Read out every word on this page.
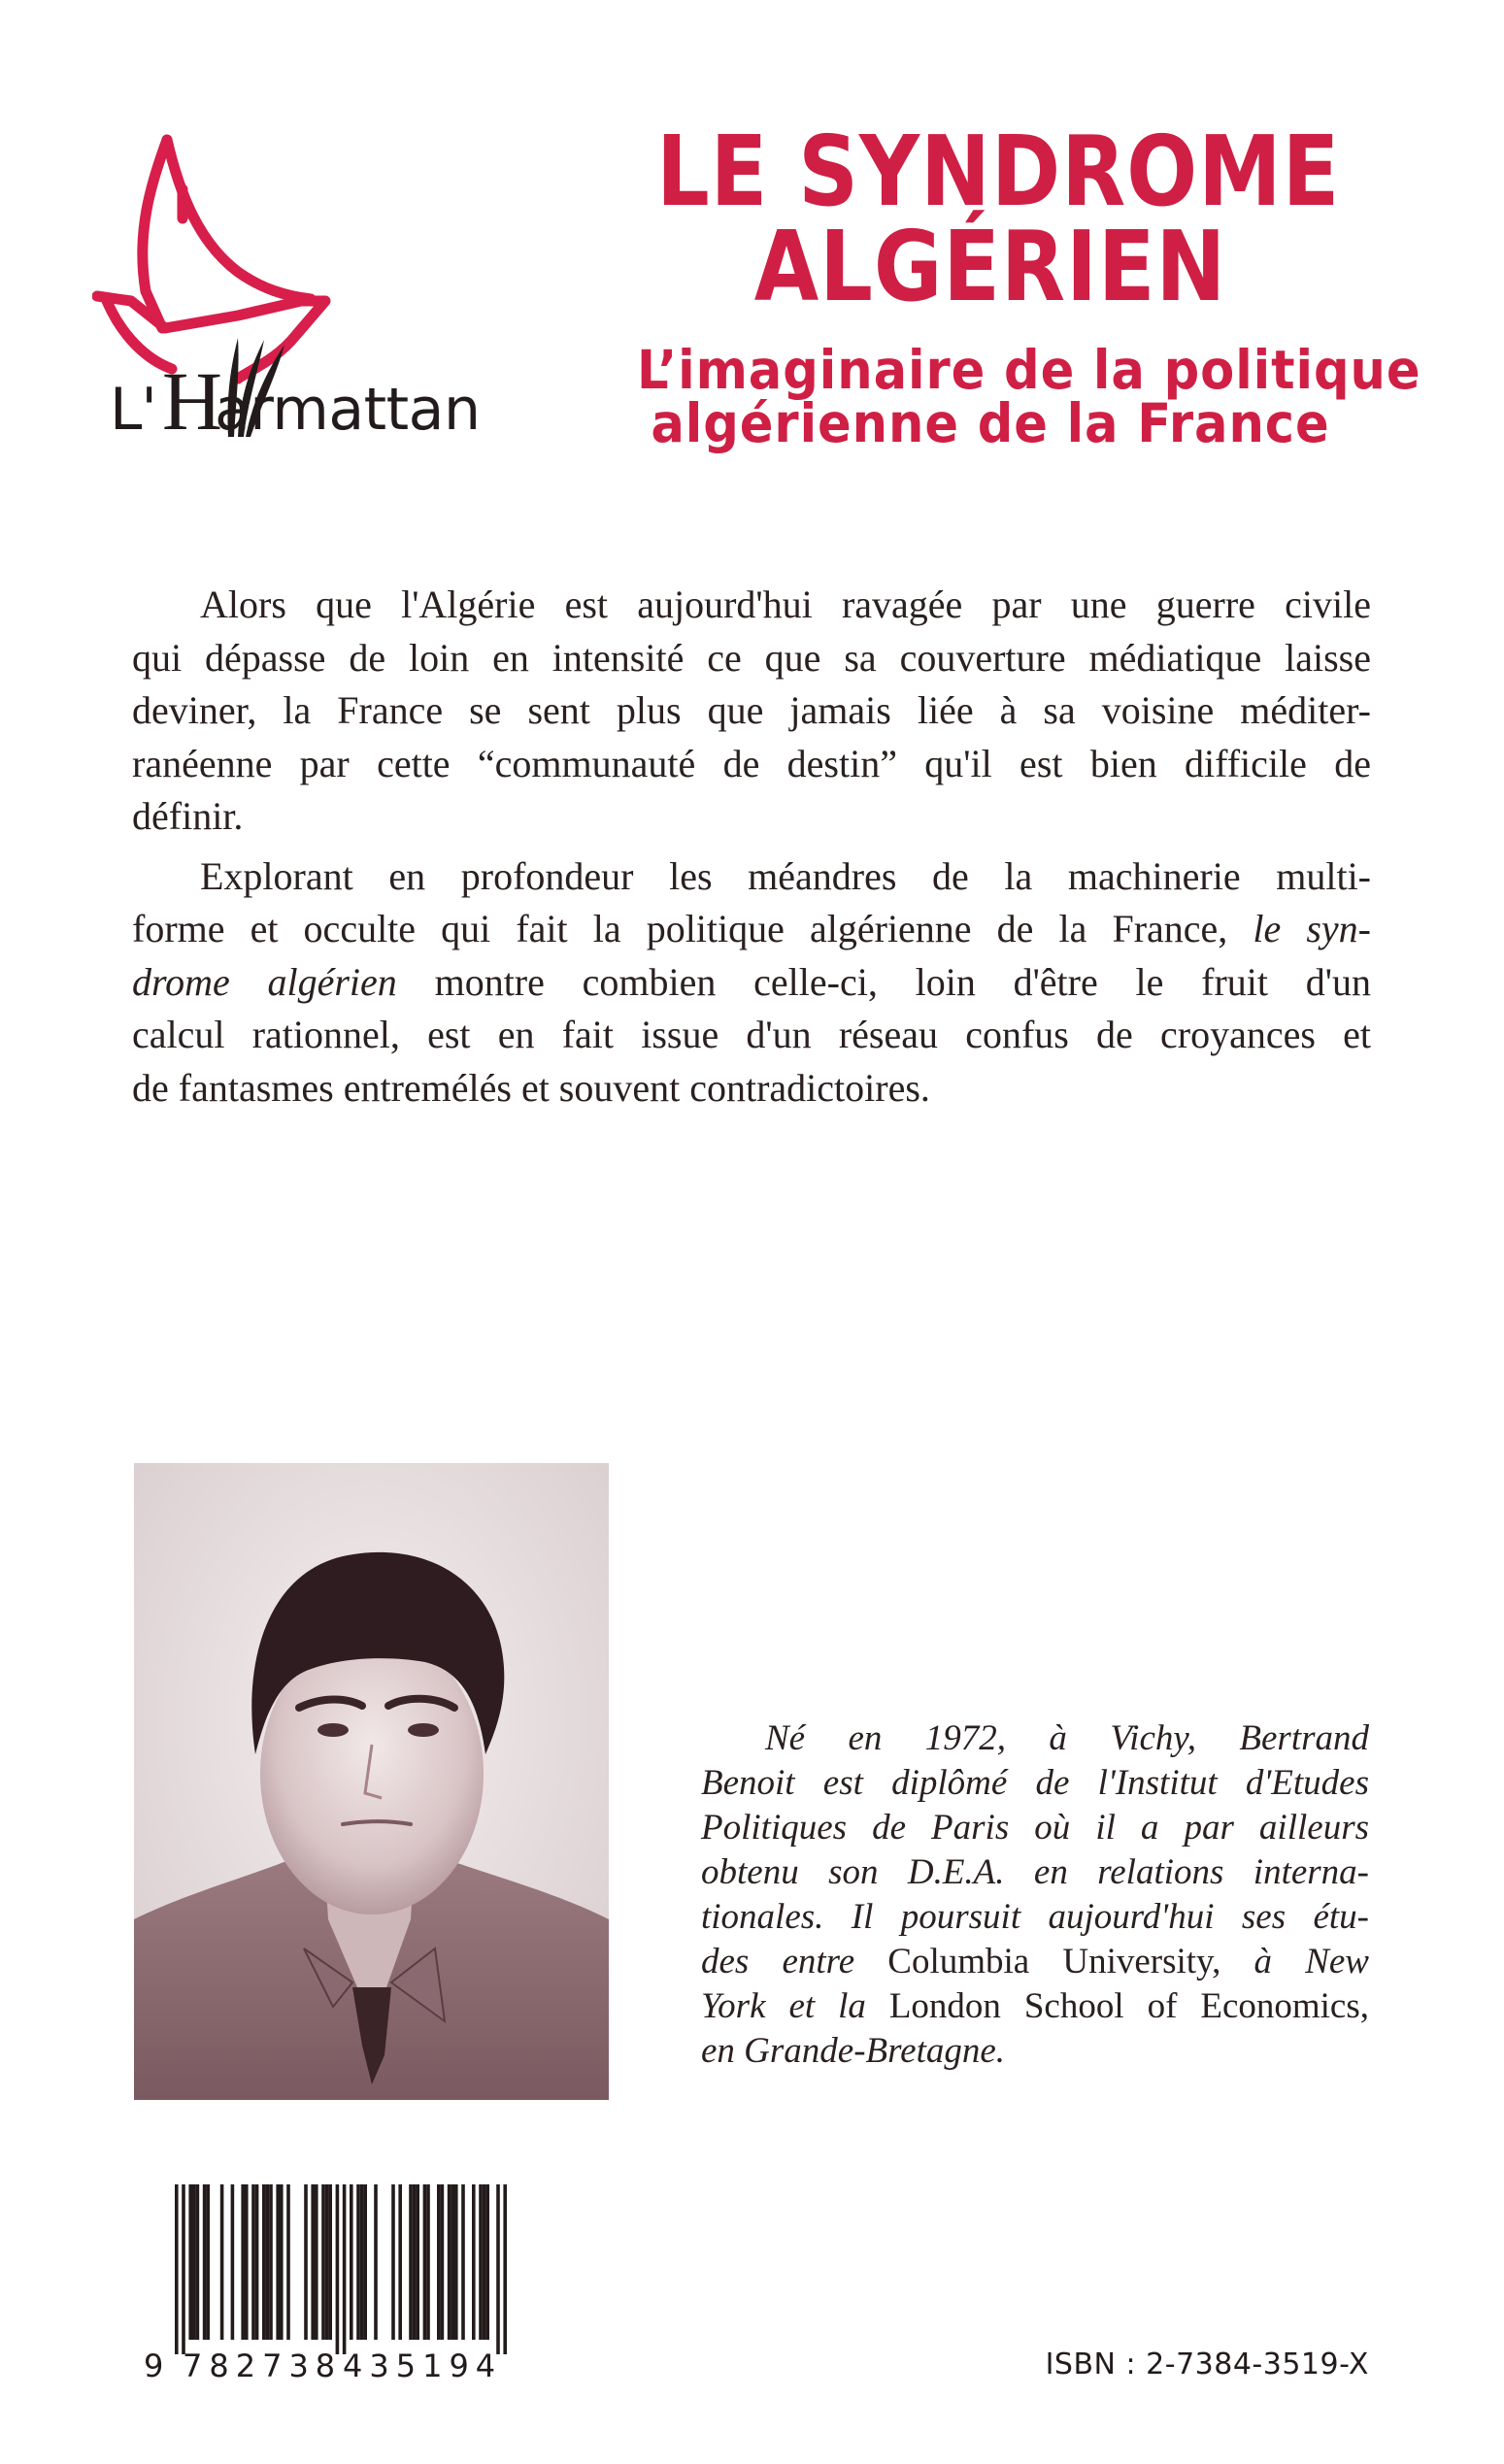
L'Harmattan
LE SYNDROME
ALGÉRIEN
L’imaginaire de la politique
algérienne de la France
Alors que l'Algérie est aujourd'hui ravagée par une guerre civile
qui dépasse de loin en intensité ce que sa couverture médiatique laisse
deviner, la France se sent plus que jamais liée à sa voisine méditer-
ranéenne par cette “communauté de destin” qu'il est bien difficile de
définir.
Explorant en profondeur les méandres de la machinerie multi-
forme et occulte qui fait la politique algérienne de la France, le syn-
drome algérien montre combien celle-ci, loin d'être le fruit d'un
calcul rationnel, est en fait issue d'un réseau confus de croyances et
de fantasmes entremélés et souvent contradictoires.
Né en 1972, à Vichy, Bertrand
Benoit est diplômé de l'Institut d'Etudes
Politiques de Paris où il a par ailleurs
obtenu son D.E.A. en relations interna-
tionales. Il poursuit aujourd'hui ses étu-
des entre Columbia University, à New
York et la London School of Economics,
en Grande-Bretagne.
9 782738 435194	ISBN : 2-7384-3519-X
